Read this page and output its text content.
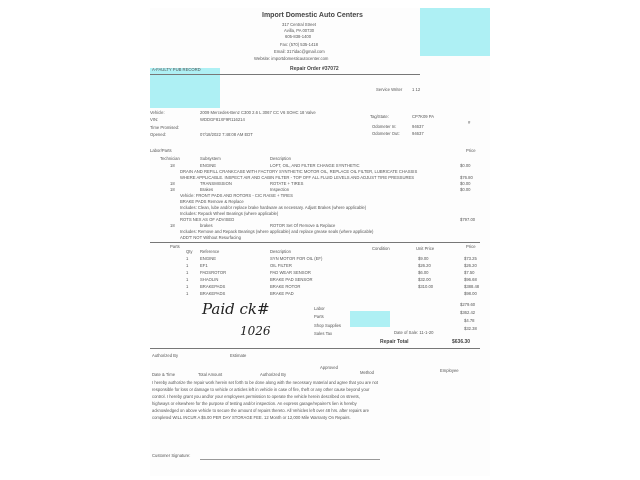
Import Domestic Auto Centers
317 Central Street
Avilla, PA 00730
605-838-1400
Fax: (570) 535-1418
Email: 317idac@gmail.com
Website: importdomesticautocenter.com
A-FAULTY PUB RECORD	Repair Order #37072
Service Writer 1 12
Vehicle:	2009 Mercedes-Benz C300 2.6 L 3067 CC V6 SOHC 18 Valve
VIN:	WDDGF81XF9R116214
Tag/State:	CP7K09 PA
Time Promised:
Opened:	07/18/2022 7:48:08 AM EDT
Odometer In:	94637
Odometer Out:	94637
#
Labor/Parts
Technician	Subsystem	Description
Price
18	ENGINE	LOFT, OIL, AND FILTER CHANGE SYNTHETIC	$0.00
DRAIN AND REFILL CRANKCASE WITH FACTORY SYNTHETIC MOTOR OIL, REPLACE OIL FILTER, LUBRICATE CHASSIS
WHERE APPLICABLE. INSPECT AIR AND CABIN FILTER - TOP OFF ALL FLUID LEVELS AND ADJUST TIRE PRESSURES	$76.80
18	TRANSMISSION	ROTATE + TIRES	$0.00
18	Brakes	Inspection	$0.00
Vehicle: FRONT PADS AND ROTORS - CIC RAISE + TIRES
BRAKE PADS Remove & Replace
Includes: Clean, lube and/or replace brake hardware as necessary. Adjust Brakes (where applicable)
Includes: Repack Wheel Bearings (where applicable)
ROTS NEX AS OF ADVISED	$797.00
18	brakes	ROTOR Set Of Remove & Replace
Includes: Remove and Repack Bearings (where applicable) and replace grease seals (where applicable)
ADD'T NOT Without Resurfacing
Parts
Qty Reference	Description
Condition	Unit Price	Price
1	ENGINE	SYN MOTOR FOR OIL (EF)	$9.00	$73.25
1	EF1	OIL FILTER	$26.20	$26.20
1	PADSROTOR	PAD WEAR SENSOR	$6.00	$7.50
1	SHAOLIN	BRAKE PAD SENSOR	$32.00	$96.68
1	BRAKEPADS	BRAKE ROTOR	$310.00	$388.48
1	BRAKEPADS	BRAKE PAD	$98.00
Labor
$279.60
Parts
$362.42
Shop Supplies
$4.78
Sales Tax
$32.38
Date of Sale: 11-1-20
Repair Total	$636.30
Paid ck#
1026
Authorized By	Estimate
Date & Time	Total Amount	Authorized By
Approved
Method	Employee
I hereby authorize the repair work herein set forth to be done along with the necessary material and agree that you are not
responsible for loss or damage to vehicle or articles left in vehicle in case of fire, theft or any other cause beyond your
control. I hereby grant you and/or your employees permission to operate the vehicle herein described on streets,
highways or elsewhere for the purpose of testing and/or inspection. An express garage/repairer's lien is hereby
acknowledged on above vehicle to secure the amount of repairs thereto. All Vehicles left over 48 hrs. after repairs are
completed WILL INCUR A $5.00 PER DAY STORAGE FEE. 12 Month or 12,000 Mile Warranty On Repairs.
Customer Signature:
